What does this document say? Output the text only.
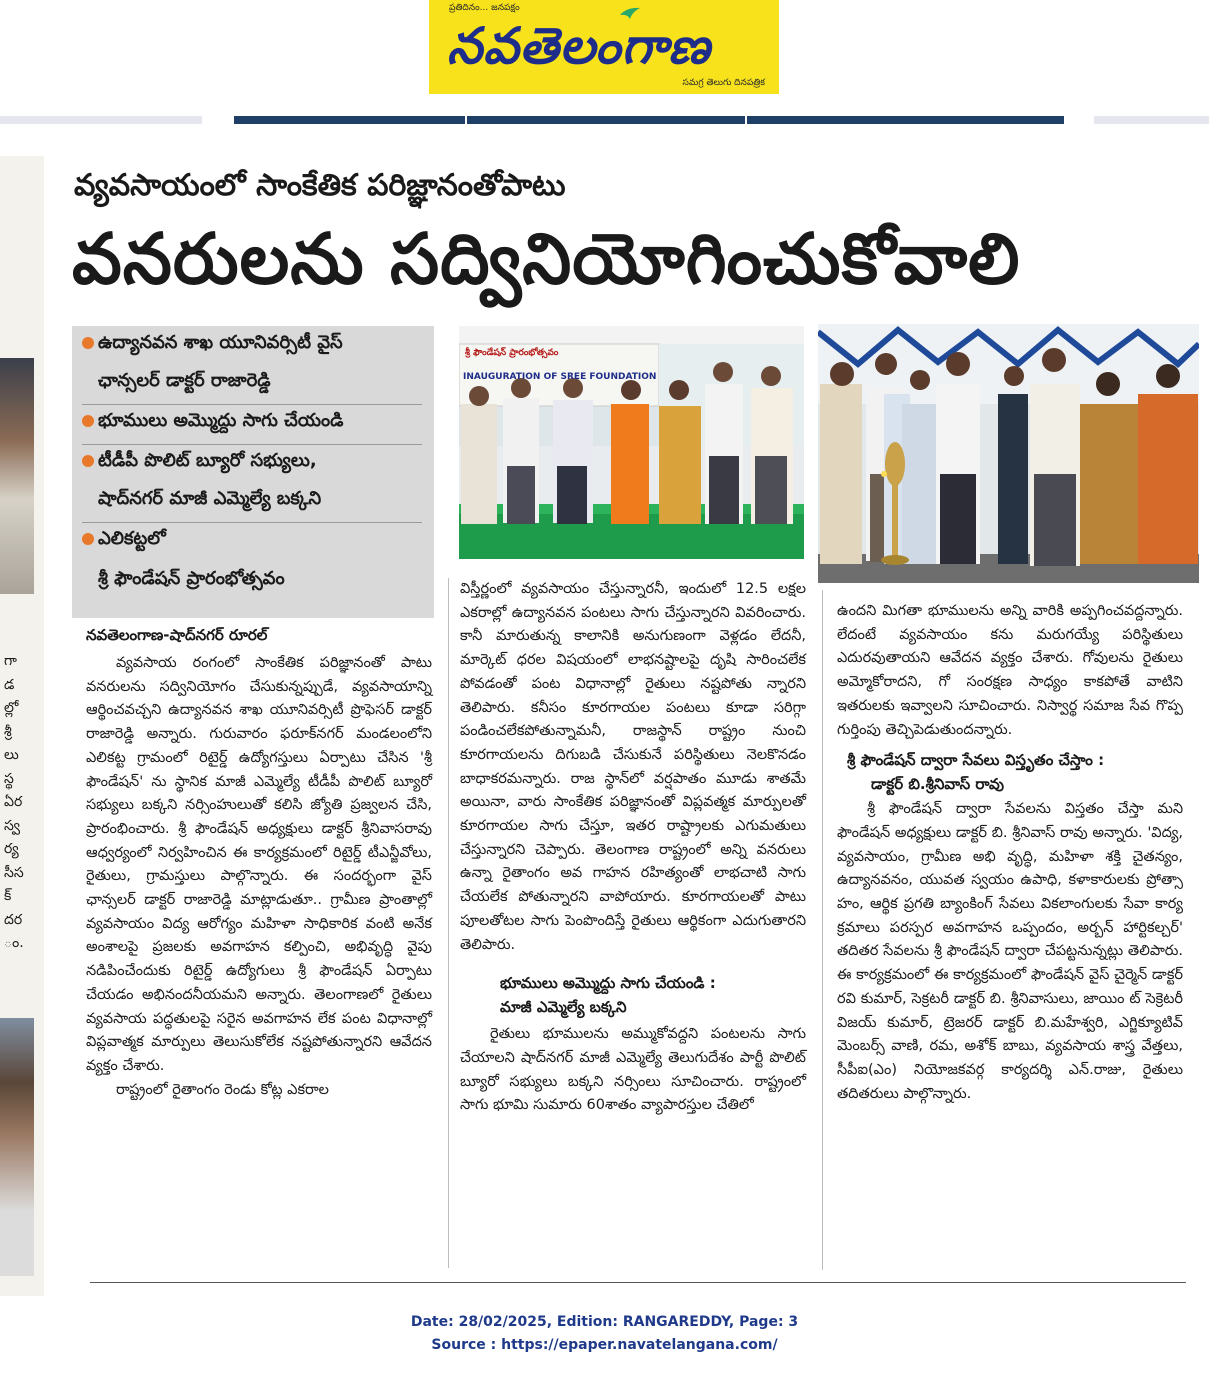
ప్రతిదినం... జనపక్షం
నవతెలంగాణ
సమగ్ర తెలుగు దినపత్రిక
గా
డ
ల్లో
శ్రీ
లు
స్థ
ఏర
స్వ
ర్య
సీస
క్
దర
ం.
వ్యవసాయంలో సాంకేతిక పరిజ్ఞానంతోపాటు
వనరులను సద్వినియోగించుకోవాలి
ఉద్యానవన శాఖ యూనివర్సిటీ వైస్
ఛాన్సలర్ డాక్టర్ రాజారెడ్డి
భూములు అమ్మొద్దు సాగు చేయండి
టీడీపీ పొలిట్ బ్యూరో సభ్యులు,
షాద్‌నగర్ మాజీ ఎమ్మెల్యే బక్కని
ఎలికట్టలో
శ్రీ ఫౌండేషన్ ప్రారంభోత్సవం
శ్రీ ఫౌండేషన్ ప్రారంభోత్సవం
INAUGURATION OF SREE FOUNDATION
నవతెలంగాణ-షాద్‌నగర్ రూరల్

వ్యవసాయ రంగంలో సాంకేతిక పరిజ్ఞానంతో పాటు వనరులను సద్వినియోగం చేసుకున్నప్పుడే, వ్యవసాయాన్ని ఆర్థించవచ్చని ఉద్యానవన శాఖ యూనివర్సిటీ ప్రొఫెసర్ డాక్టర్ రాజారెడ్డి అన్నారు. గురువారం ఫరూక్‌నగర్ మండలంలోని ఎలికట్ట గ్రామంలో రిటైర్డ్ ఉద్యోగస్తులు ఏర్పాటు చేసిన 'శ్రీ ఫౌండేషన్' ను స్థానిక మాజీ ఎమ్మెల్యే టీడీపీ పొలిట్ బ్యూరో సభ్యులు బక్కని నర్సింహులుతో కలిసి జ్యోతి ప్రజ్వలన చేసి, ప్రారంభించారు. శ్రీ ఫౌండేషన్ అధ్యక్షులు డాక్టర్ శ్రీనివాసరావు ఆధ్వర్యంలో నిర్వహించిన ఈ కార్యక్రమంలో రిటైర్డ్ టీఎన్జీవోలు, రైతులు, గ్రామస్తులు పాల్గొన్నారు. ఈ సందర్భంగా వైస్ ఛాన్సలర్ డాక్టర్ రాజారెడ్డి మాట్లాడుతూ.. గ్రామీణ ప్రాంతాల్లో వ్యవసాయం విద్య ఆరోగ్యం మహిళా సాధికారిక వంటి అనేక అంశాలపై ప్రజలకు అవగాహన కల్పించి, అభివృద్ధి వైపు నడిపించేందుకు రిటైర్డ్ ఉద్యోగులు శ్రీ ఫౌండేషన్ ఏర్పాటు చేయడం అభినందనీయమని అన్నారు. తెలంగాణలో రైతులు వ్యవసాయ పద్ధతులపై సరైన అవగాహన లేక పంట విధానాల్లో విప్లవాత్మక మార్పులు తెలుసుకోలేక నష్టపోతున్నారని ఆవేదన వ్యక్తం చేశారు.

రాష్ట్రంలో రైతాంగం రెండు కోట్ల ఎకరాల

విస్తీర్ణంలో వ్యవసాయం చేస్తున్నారనీ, ఇందులో 12.5 లక్షల ఎకరాల్లో ఉద్యానవన పంటలు సాగు చేస్తున్నారని వివరించారు. కానీ మారుతున్న కాలానికి అనుగుణంగా వెళ్లడం లేదనీ, మార్కెట్ ధరల విషయంలో లాభనష్టాలపై దృషి సారించలేక పోవడంతో పంట విధానాల్లో రైతులు నష్టపోతు న్నారని తెలిపారు. కనీసం కూరగాయల పంటలు కూడా సరిగ్గా పండించలేకపోతున్నామనీ, రాజస్థాన్ రాష్ట్రం నుంచి కూరగాయలను దిగుబడి చేసుకునే పరిస్థితులు నెలకొనడం బాధాకరమన్నారు. రాజ స్థాన్‌లో వర్షపాతం మూడు శాతమే అయినా, వారు సాంకేతిక పరిజ్ఞానంతో విప్లవత్మక మార్పులతో కూరగాయల సాగు చేస్తూ, ఇతర రాష్ట్రాలకు ఎగుమతులు చేస్తున్నారని చెప్పారు. తెలంగాణ రాష్ట్రంలో అన్ని వనరులు ఉన్నా రైతాంగం అవ గాహన రహిత్యంతో లాభచాటి సాగు చేయలేక పోతున్నారని వాపోయారు. కూరగాయలతో పాటు పూలతోటల సాగు పెంపొందిస్తే రైతులు ఆర్థికంగా ఎదుగుతారని తెలిపారు.

భూములు అమ్మొద్దు సాగు చేయండి :

మాజీ ఎమ్మెల్యే బక్కని

రైతులు భూములను అమ్ముకోవద్దని పంటలను సాగు చేయాలని షాద్‌నగర్ మాజీ ఎమ్మెల్యే తెలుగుదేశం పార్టీ పొలిట్ బ్యూరో సభ్యులు బక్కని నర్సింలు సూచించారు. రాష్ట్రంలో సాగు భూమి సుమారు 60శాతం వ్యాపారస్తుల చేతిలో

ఉందని మిగతా భూములను అన్ని వారికి అప్పగించవద్దన్నారు. లేదంటే వ్యవసాయం కను మరుగయ్యే పరిస్థితులు ఎదురవుతాయని ఆవేదన వ్యక్తం చేశారు. గోవులను రైతులు అమ్మోకోరాదని, గో సంరక్షణ సాధ్యం కాకపోతే వాటిని ఇతరులకు ఇవ్వాలని సూచించారు. నిస్వార్థ సమాజ సేవ గొప్ప గుర్తింపు తెచ్చిపెడుతుందన్నారు.

శ్రీ ఫౌండేషన్ ద్వారా సేవలు విస్తృతం చేస్తాం :

డాక్టర్ బి.శ్రీనివాస్ రావు

శ్రీ ఫౌండేషన్ ద్వారా సేవలను విస్తతం చేస్తా మని ఫౌండేషన్ అధ్యక్షులు డాక్టర్ బి. శ్రీనివాస్ రావు అన్నారు. 'విద్య, వ్యవసాయం, గ్రామీణ అభి వృద్ధి, మహిళా శక్తి చైతన్యం, ఉద్యానవనం, యువత స్వయం ఉపాధి, కళాకారులకు ప్రోత్సా హం, ఆర్థిక ప్రగతి బ్యాంకింగ్ సేవలు వికలాంగులకు సేవా కార్య క్రమాలు పరస్పర అవగాహన ఒప్పందం, అర్బన్ హార్టికల్చర్' తదితర సేవలను శ్రీ ఫౌండేషన్ ద్వారా చేపట్టనున్నట్లు తెలిపారు. ఈ కార్యక్రమంలో ఈ కార్యక్రమంలో ఫౌండేషన్ వైస్ చైర్మెన్ డాక్టర్ రవి కుమార్, సెక్రటరీ డాక్టర్ బి. శ్రీనివాసులు, జాయిం ట్ సెక్రెటరీ విజయ్ కుమార్, ట్రెజరర్ డాక్టర్ బి.మహేశ్వరి, ఎగ్జిక్యూటివ్ మెంబర్స్ వాణి, రమ, అశోక్ బాబు, వ్యవసాయ శాస్త్ర వేత్తలు, సీపీఐ(ఎం) నియోజకవర్గ కార్యదర్శి ఎన్.రాజు, రైతులు తదితరులు పాల్గొన్నారు.

Date: 28/02/2025, Edition: RANGAREDDY, Page: 3
Source : https://epaper.navatelangana.com/
